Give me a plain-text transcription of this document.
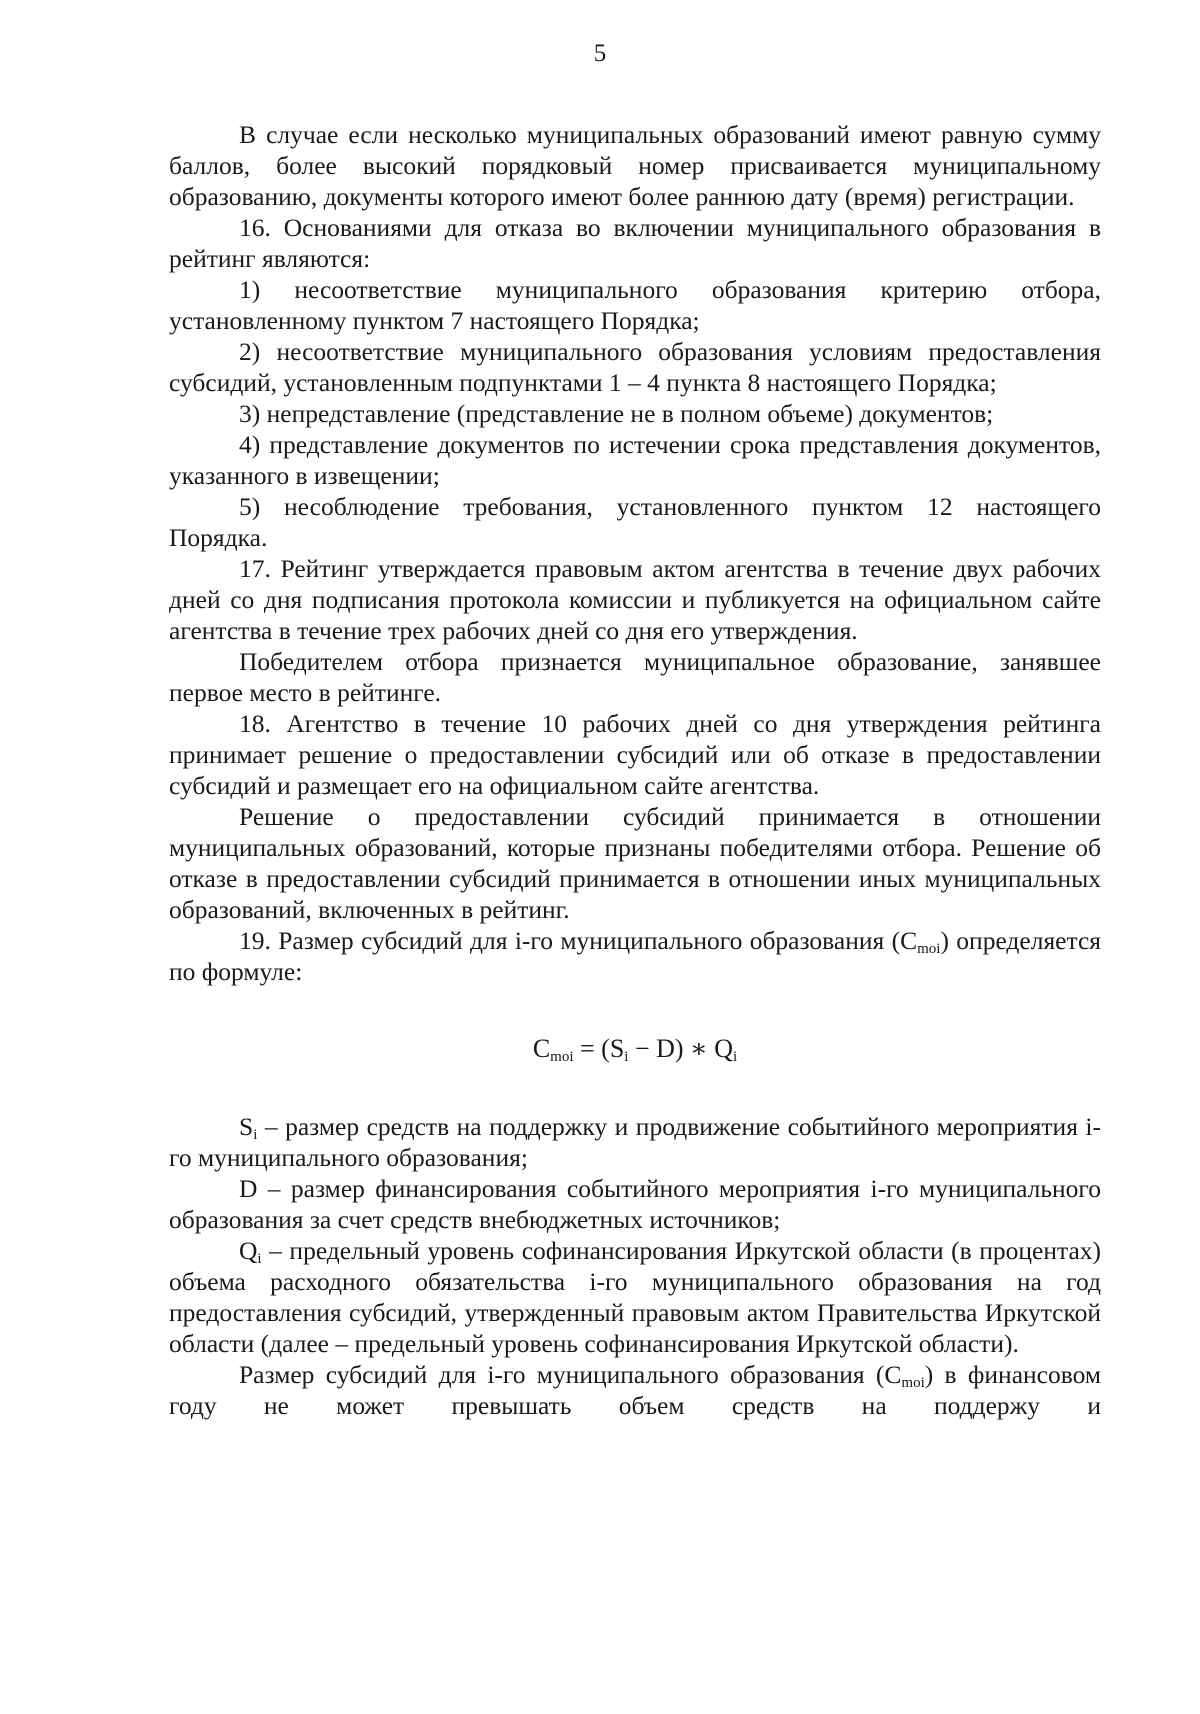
5

В случае если несколько муниципальных образований имеют равную сумму баллов, более высокий порядковый номер присваивается муниципальному образованию, документы которого имеют более раннюю дату (время) регистрации.

16. Основаниями для отказа во включении муниципального образования в рейтинг являются:

1) несоответствие муниципального образования критерию отбора, установленному пунктом 7 настоящего Порядка;

2) несоответствие муниципального образования условиям предоставления субсидий, установленным подпунктами 1 – 4 пункта 8 настоящего Порядка;

3) непредставление (представление не в полном объеме) документов;

4) представление документов по истечении срока представления документов, указанного в извещении;

5) несоблюдение требования, установленного пунктом 12 настоящего Порядка.

17. Рейтинг утверждается правовым актом агентства в течение двух рабочих дней со дня подписания протокола комиссии и публикуется на официальном сайте агентства в течение трех рабочих дней со дня его утверждения.

Победителем отбора признается муниципальное образование, занявшее первое место в рейтинге.

18. Агентство в течение 10 рабочих дней со дня утверждения рейтинга принимает решение о предоставлении субсидий или об отказе в предоставлении субсидий и размещает его на официальном сайте агентства.

Решение о предоставлении субсидий принимается в отношении муниципальных образований, которые признаны победителями отбора. Решение об отказе в предоставлении субсидий принимается в отношении иных муниципальных образований, включенных в рейтинг.

19. Размер субсидий для i-го муниципального образования $(C_{moi})$ определяется по формуле:

$C_{moi} = (S_i - D)$ ∗ $Q_i$

$S_i$ – размер средств на поддержку и продвижение событийного мероприятия i-го муниципального образования;

D – размер финансирования событийного мероприятия i-го муниципального образования за счет средств внебюджетных источников;

$Q_i$ – предельный уровень софинансирования Иркутской области (в процентах) объема расходного обязательства i-го муниципального образования на год предоставления субсидий, утвержденный правовым актом Правительства Иркутской области (далее – предельный уровень софинансирования Иркутской области).

Размер субсидий для i-го муниципального образования $(C_{moi})$ в финансовом году не может превышать объем средств на поддержу и
